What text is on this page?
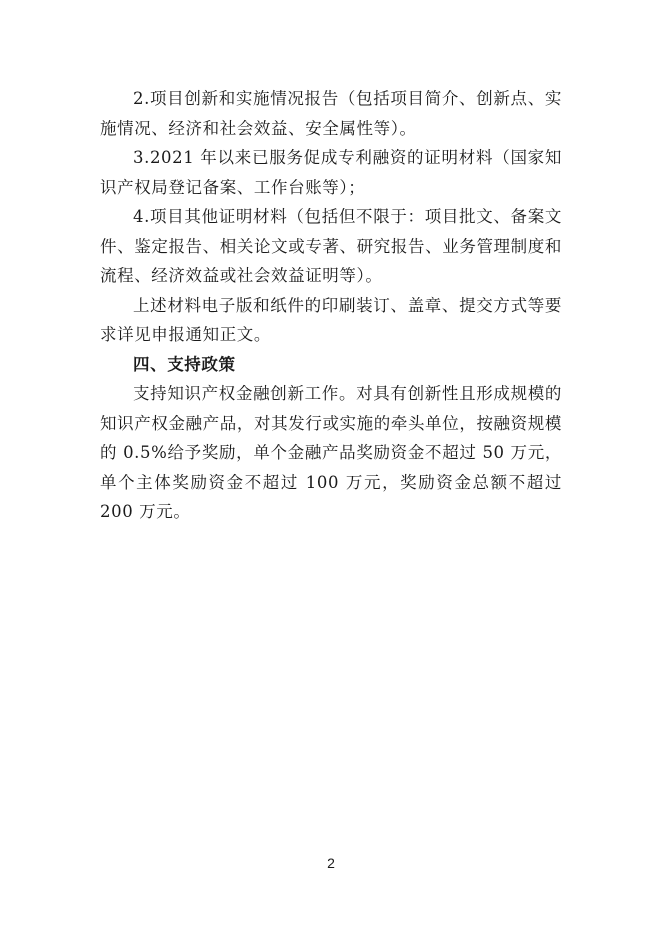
2.项目创新和实施情况报告（包括项目简介、创新点、实施情况、经济和社会效益、安全属性等）。

3.2021 年以来已服务促成专利融资的证明材料（国家知识产权局登记备案、工作台账等）；

4.项目其他证明材料（包括但不限于：项目批文、备案文件、鉴定报告、相关论文或专著、研究报告、业务管理制度和流程、经济效益或社会效益证明等）。

上述材料电子版和纸件的印刷装订、盖章、提交方式等要求详见申报通知正文。

四、支持政策

支持知识产权金融创新工作。对具有创新性且形成规模的知识产权金融产品，对其发行或实施的牵头单位，按融资规模的 0.5%给予奖励，单个金融产品奖励资金不超过 50 万元，单个主体奖励资金不超过 100 万元，奖励资金总额不超过 200 万元。

2
